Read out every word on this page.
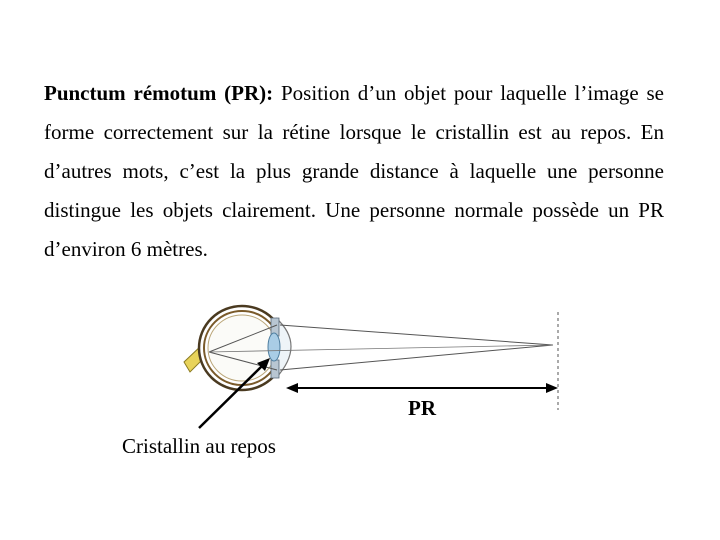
Punctum rémotum (PR): Position d’un objet pour laquelle l’image se forme correctement sur la rétine lorsque le cristallin est au repos. En d’autres mots, c’est la plus grande distance à laquelle une personne distingue les objets clairement. Une personne normale possède un PR d’environ 6 mètres.

PR
Cristallin au repos
